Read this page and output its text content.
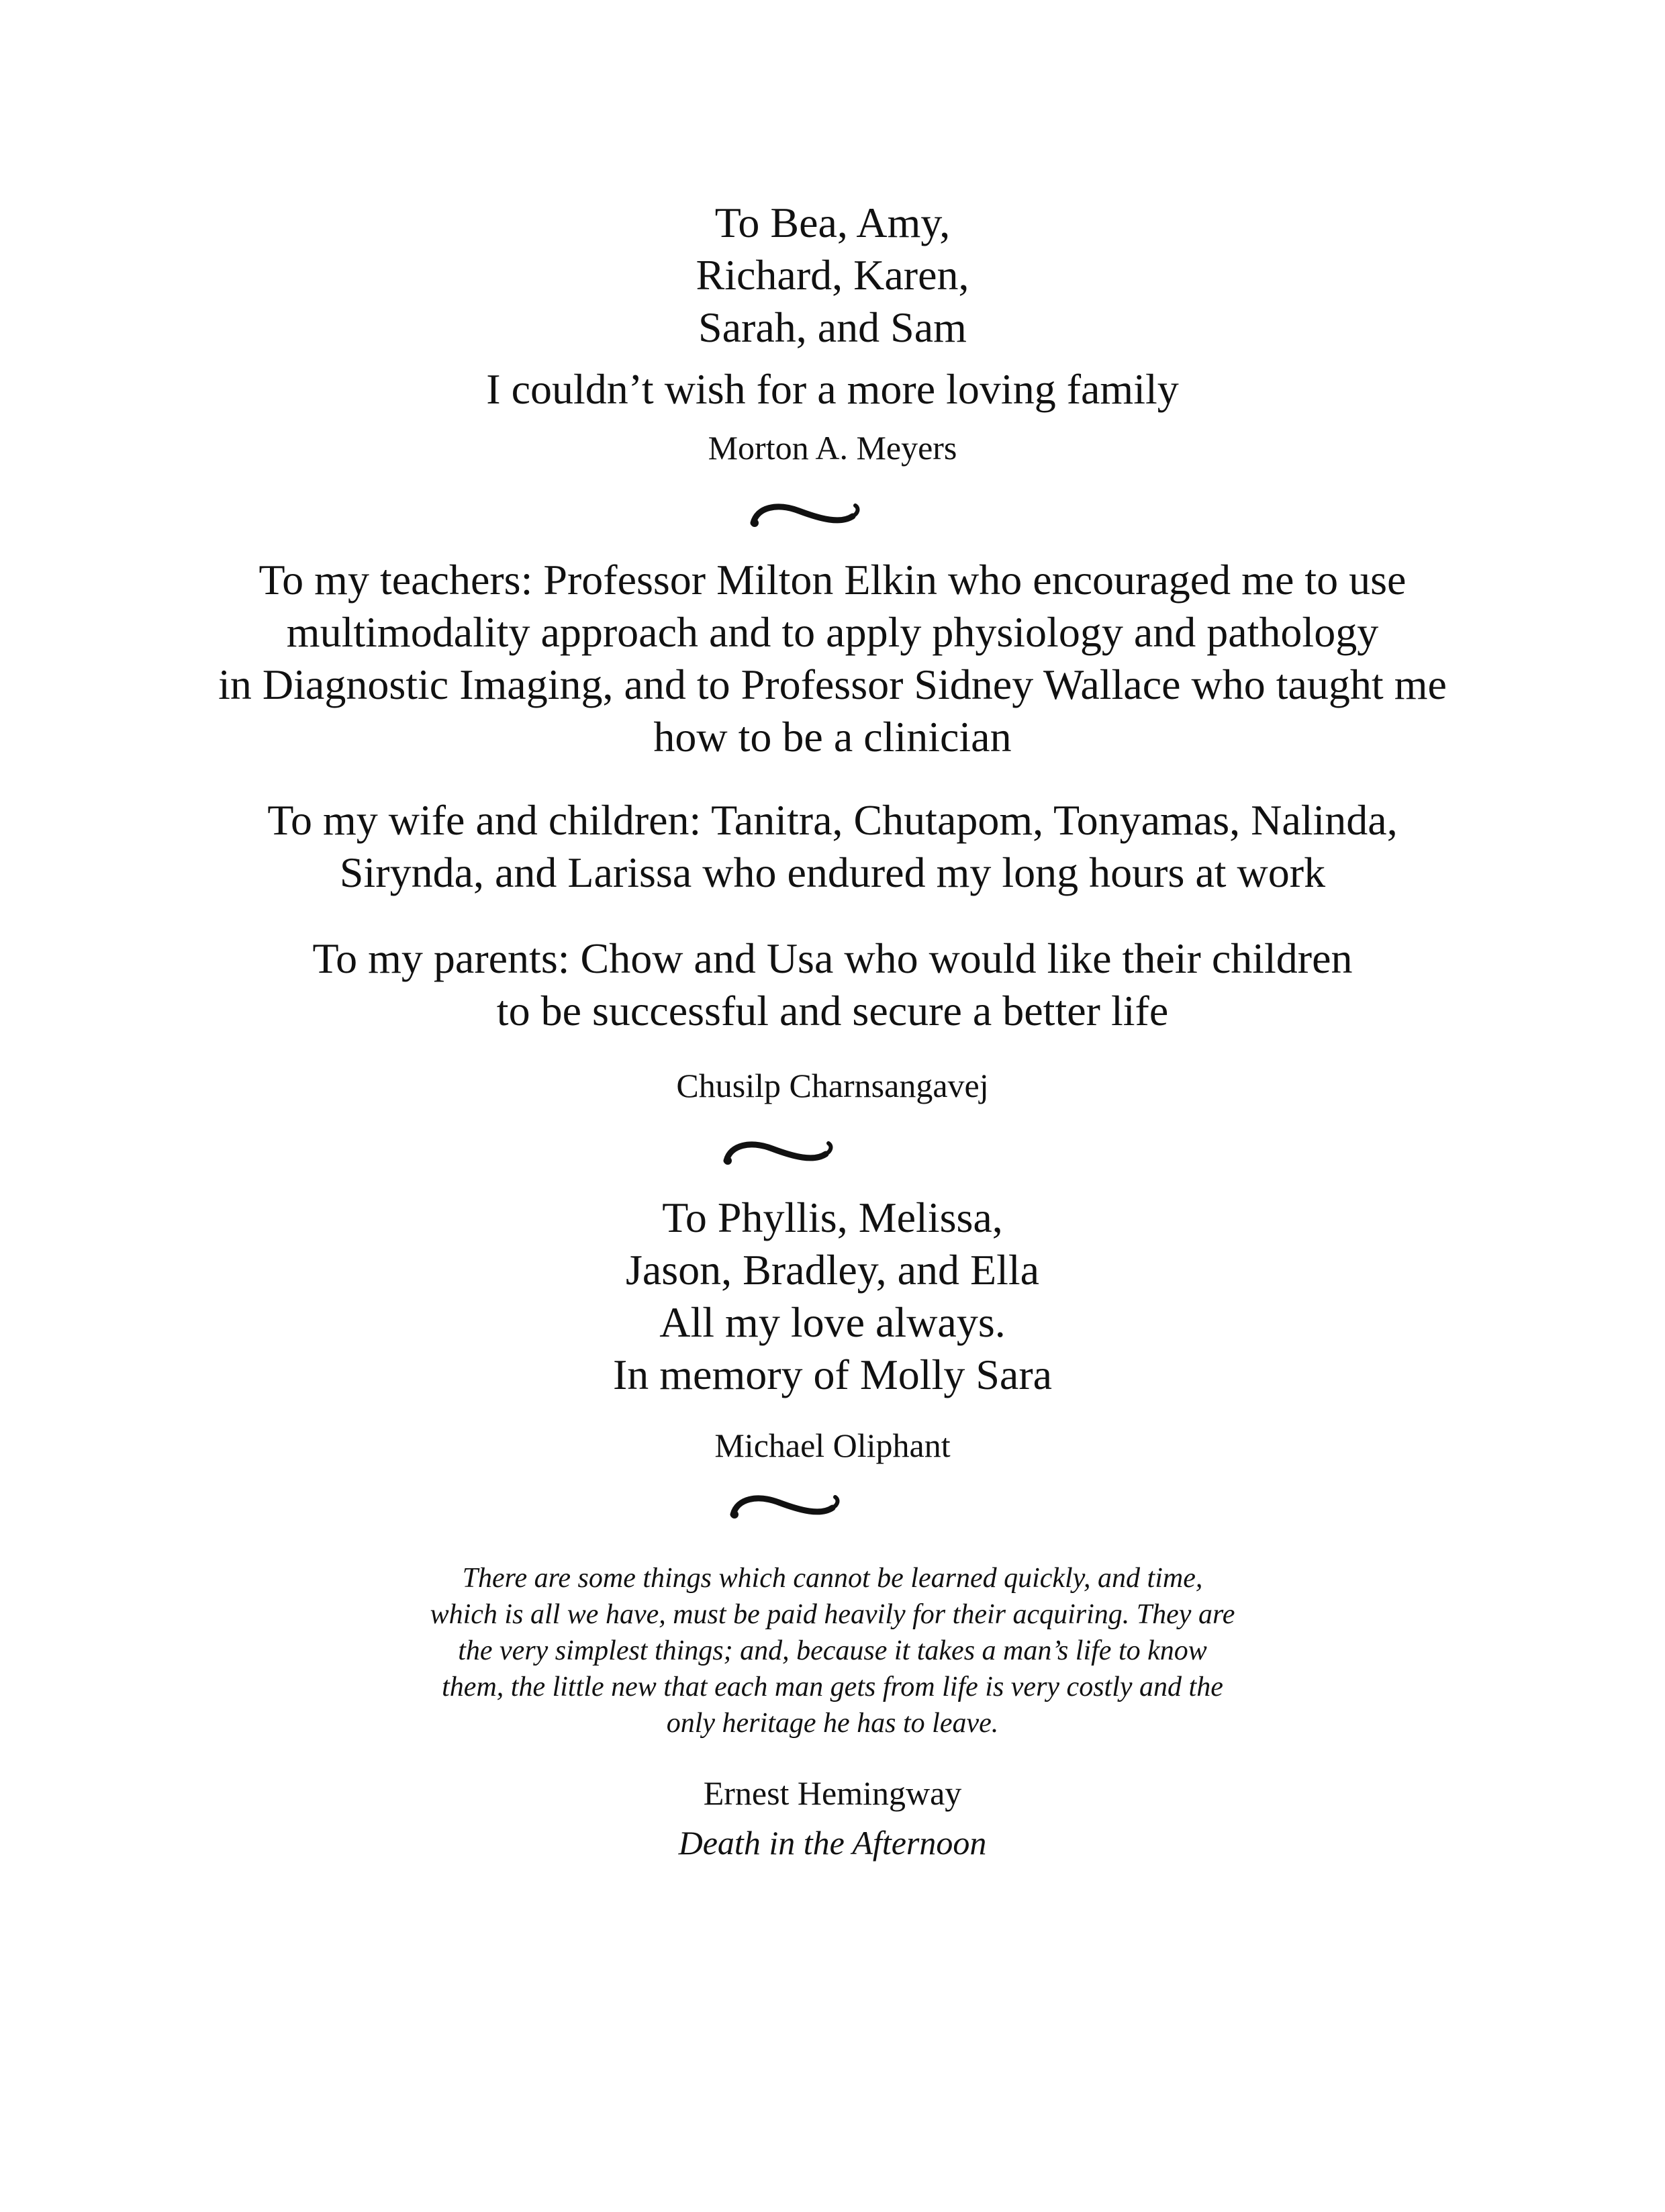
To Bea, Amy,
Richard, Karen,
Sarah, and Sam
I couldn’t wish for a more loving family
Morton A. Meyers
To my teachers: Professor Milton Elkin who encouraged me to use
multimodality approach and to apply physiology and pathology
in Diagnostic Imaging, and to Professor Sidney Wallace who taught me
how to be a clinician
To my wife and children: Tanitra, Chutapom, Tonyamas, Nalinda,
Sirynda, and Larissa who endured my long hours at work
To my parents: Chow and Usa who would like their children
to be successful and secure a better life
Chusilp Charnsangavej
To Phyllis, Melissa,
Jason, Bradley, and Ella
All my love always.
In memory of Molly Sara
Michael Oliphant
There are some things which cannot be learned quickly, and time,
which is all we have, must be paid heavily for their acquiring. They are
the very simplest things; and, because it takes a man’s life to know
them, the little new that each man gets from life is very costly and the
only heritage he has to leave.
Ernest Hemingway
Death in the Afternoon
